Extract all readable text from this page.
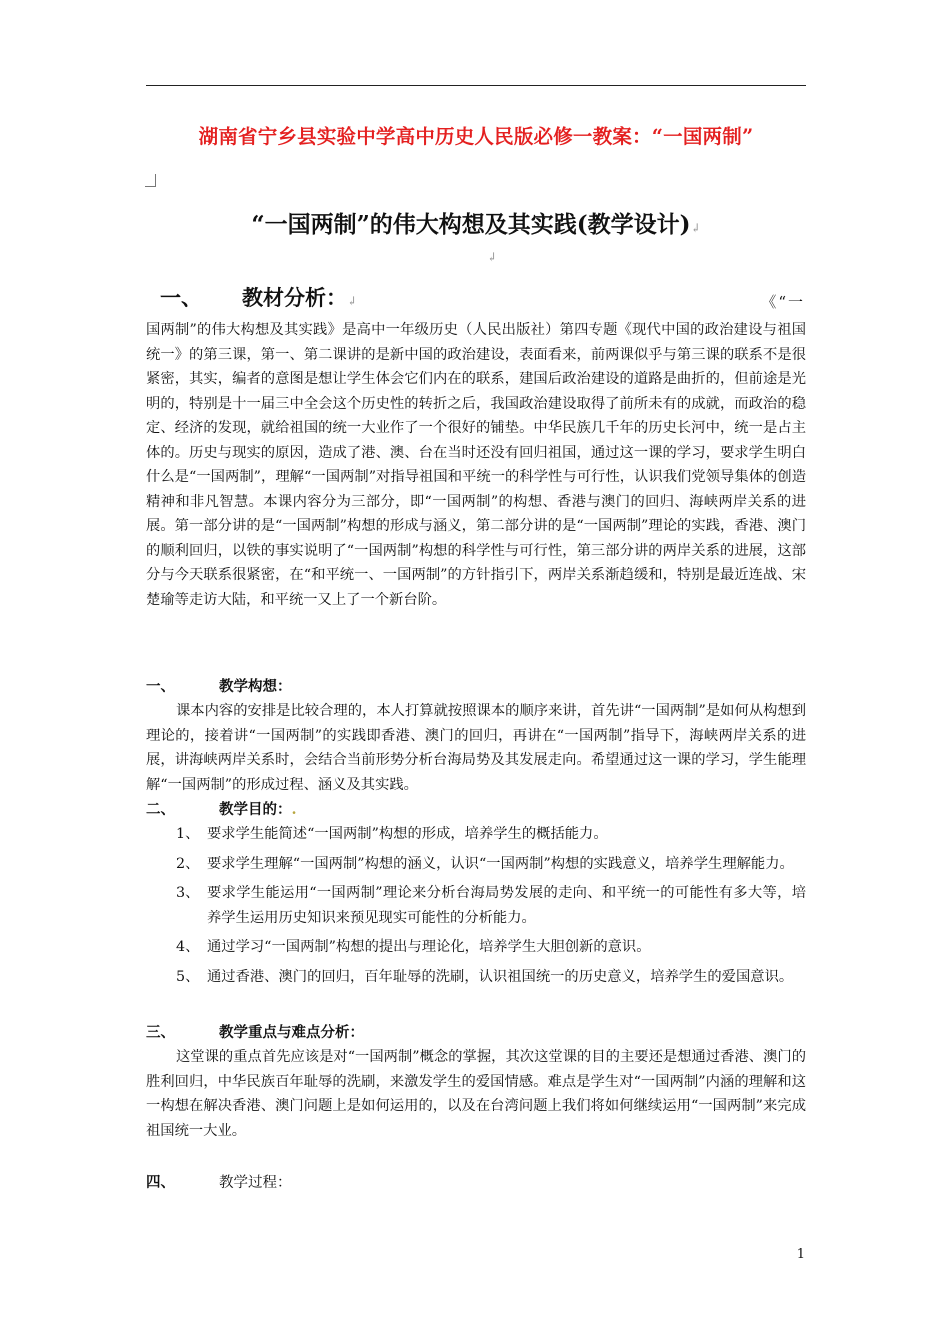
湖南省宁乡县实验中学高中历史人民版必修一教案：“一国两制”
“一国两制”的伟大构想及其实践(教学设计)↲
↲
一、 教材分析：↲	《“一
国两制”的伟大构想及其实践》是高中一年级历史（人民出版社）第四专题《现代中国的政治建设与祖国统一》的第三课，第一、第二课讲的是新中国的政治建设，表面看来，前两课似乎与第三课的联系不是很紧密，其实，编者的意图是想让学生体会它们内在的联系，建国后政治建设的道路是曲折的，但前途是光明的，特别是十一届三中全会这个历史性的转折之后，我国政治建设取得了前所未有的成就，而政治的稳定、经济的发现，就给祖国的统一大业作了一个很好的铺垫。中华民族几千年的历史长河中，统一是占主体的。历史与现实的原因，造成了港、澳、台在当时还没有回归祖国，通过这一课的学习，要求学生明白什么是“一国两制”，理解“一国两制”对指导祖国和平统一的科学性与可行性，认识我们党领导集体的创造精神和非凡智慧。本课内容分为三部分，即“一国两制”的构想、香港与澳门的回归、海峡两岸关系的进展。第一部分讲的是“一国两制”构想的形成与涵义，第二部分讲的是“一国两制”理论的实践，香港、澳门的顺利回归，以铁的事实说明了“一国两制”构想的科学性与可行性，第三部分讲的两岸关系的进展，这部分与今天联系很紧密，在“和平统一、一国两制”的方针指引下，两岸关系渐趋缓和，特别是最近连战、宋楚瑜等走访大陆，和平统一又上了一个新台阶。
一、	教学构想：
课本内容的安排是比较合理的，本人打算就按照课本的顺序来讲，首先讲“一国两制”是如何从构想到理论的，接着讲“一国两制”的实践即香港、澳门的回归，再讲在“一国两制”指导下，海峡两岸关系的进展，讲海峡两岸关系时，会结合当前形势分析台海局势及其发展走向。希望通过这一课的学习，学生能理解“一国两制”的形成过程、涵义及其实践。
二、	教学目的：.
1、 要求学生能简述“一国两制”构想的形成，培养学生的概括能力。
2、 要求学生理解“一国两制”构想的涵义，认识“一国两制”构想的实践意义，培养学生理解能力。
3、 要求学生能运用“一国两制”理论来分析台海局势发展的走向、和平统一的可能性有多大等，培养学生运用历史知识来预见现实可能性的分析能力。
4、 通过学习“一国两制”构想的提出与理论化，培养学生大胆创新的意识。
5、 通过香港、澳门的回归，百年耻辱的洗刷，认识祖国统一的历史意义，培养学生的爱国意识。
三、	教学重点与难点分析：
这堂课的重点首先应该是对“一国两制”概念的掌握，其次这堂课的目的主要还是想通过香港、澳门的胜利回归，中华民族百年耻辱的洗刷，来激发学生的爱国情感。难点是学生对“一国两制”内涵的理解和这一构想在解决香港、澳门问题上是如何运用的，以及在台湾问题上我们将如何继续运用“一国两制”来完成祖国统一大业。
四、	教学过程：
1
